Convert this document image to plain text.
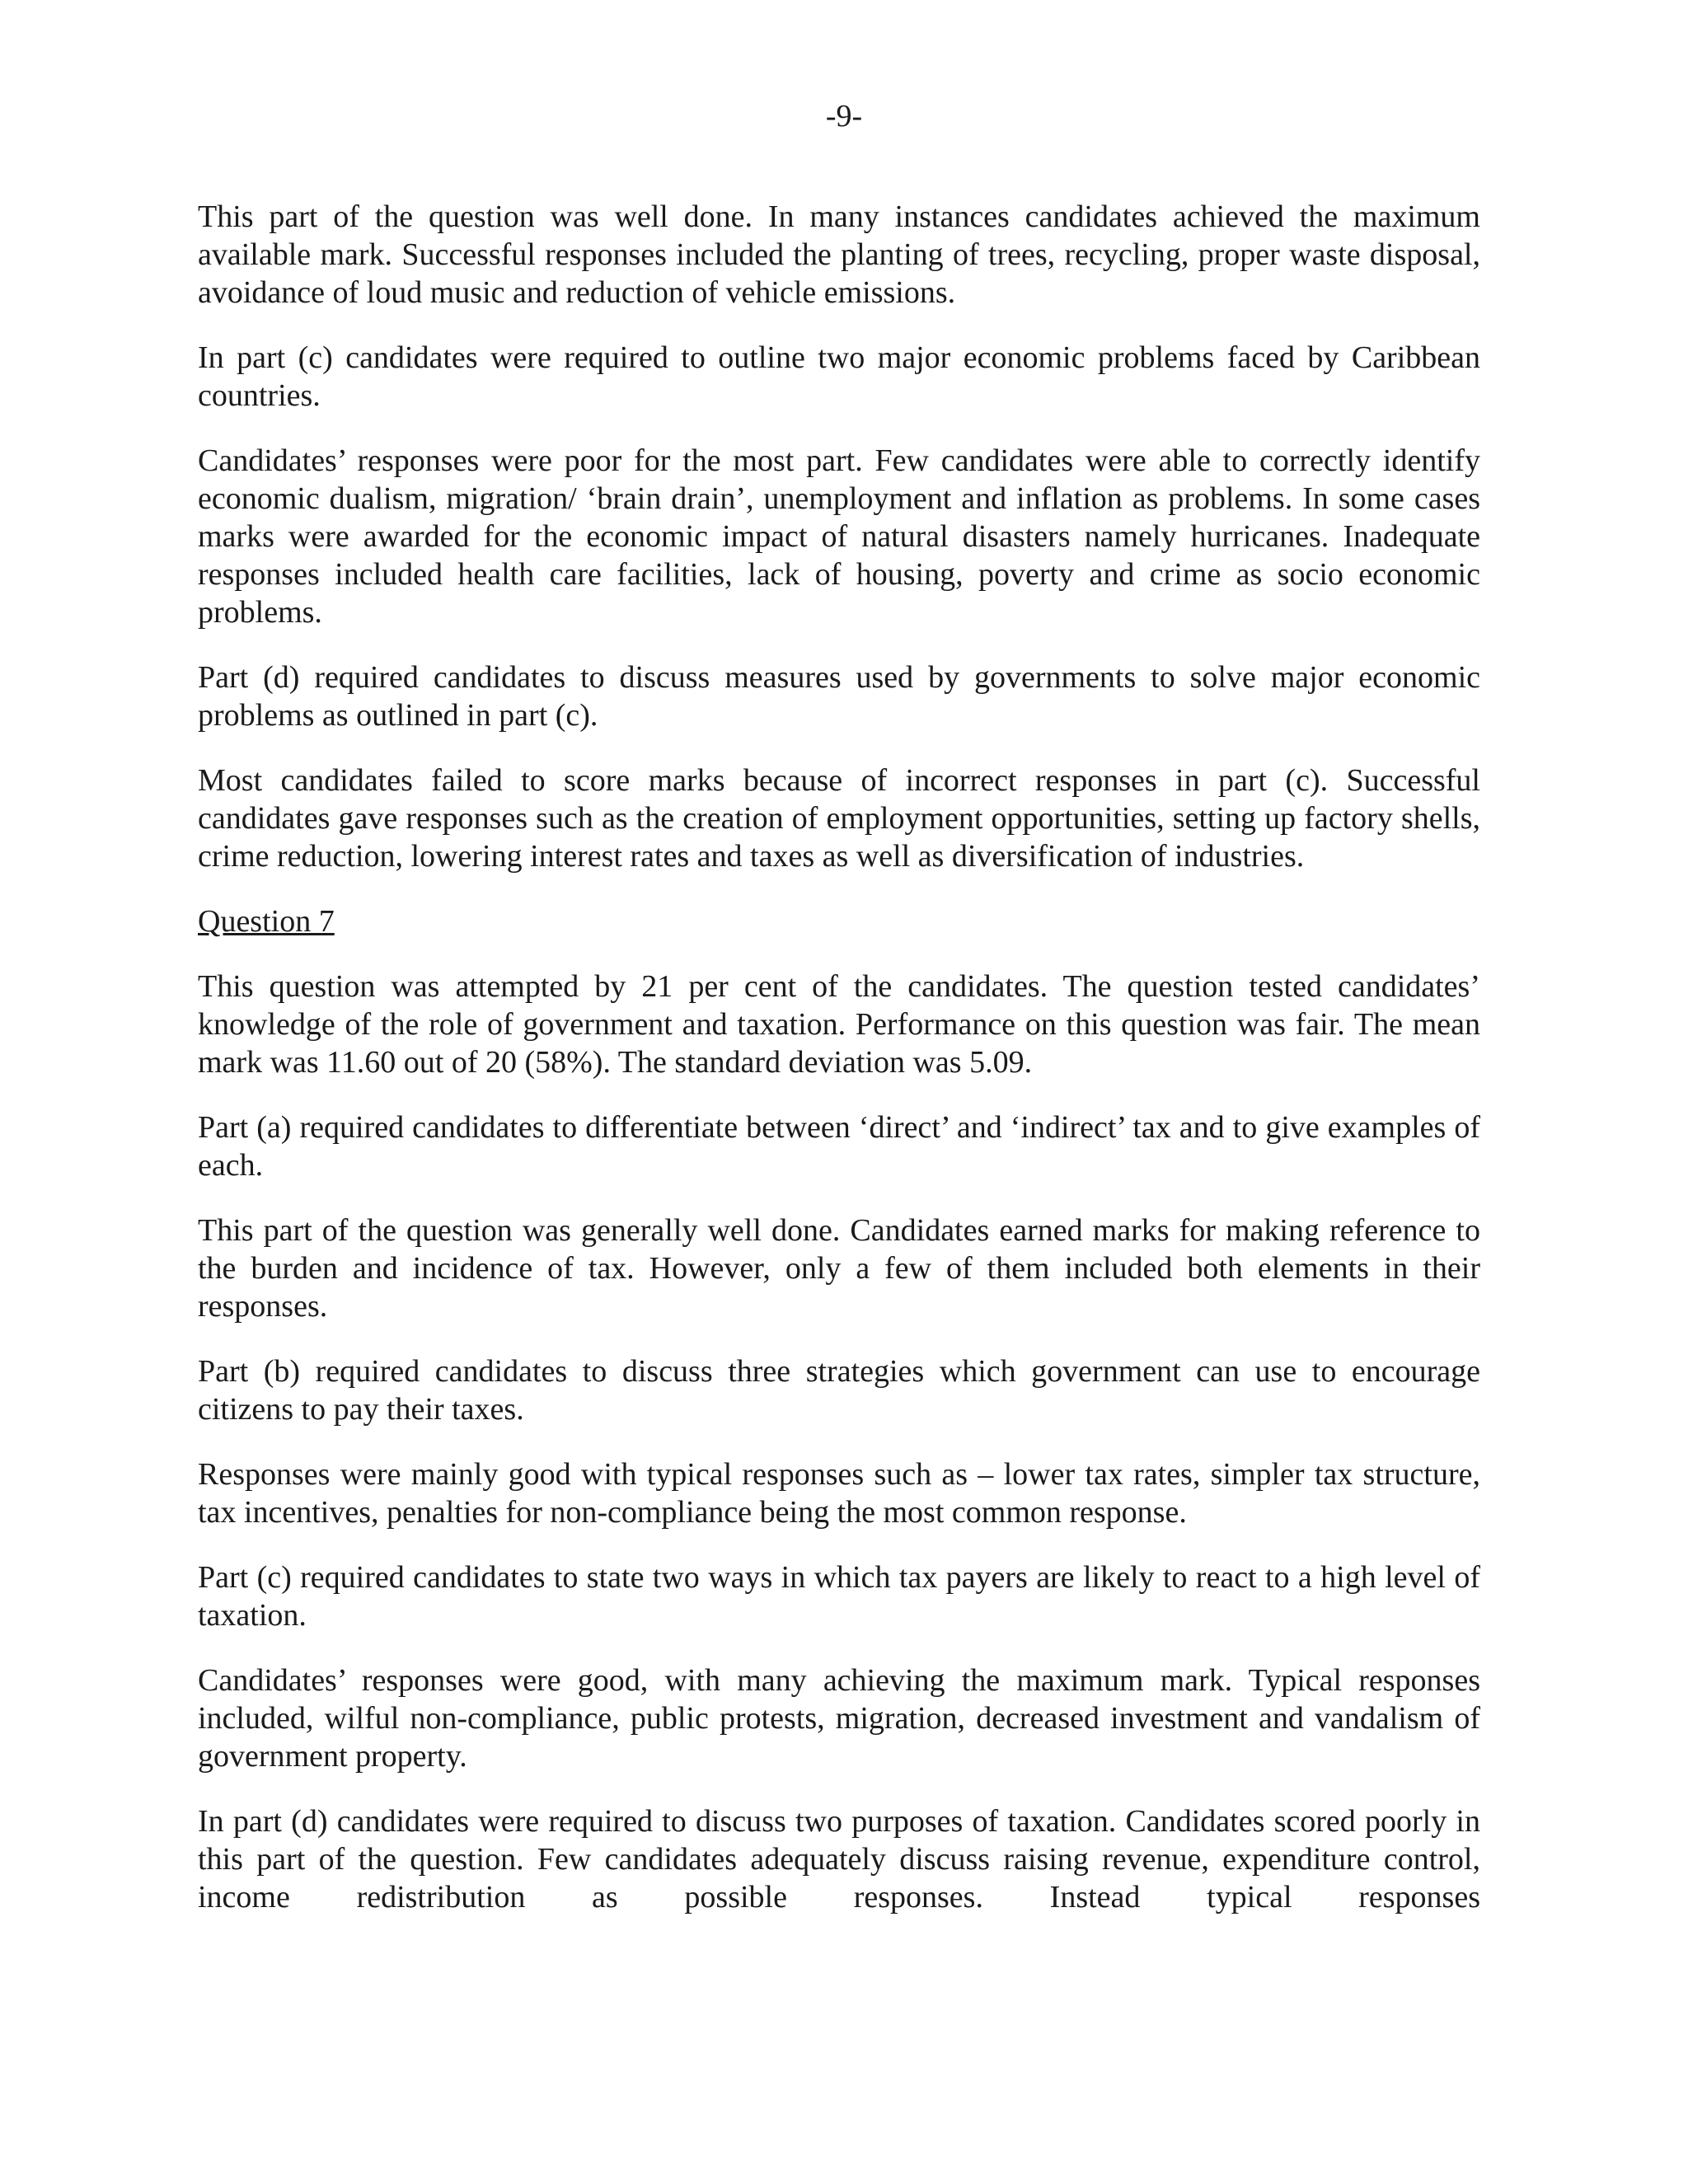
-9-

This part of the question was well done. In many instances candidates achieved the maximum available mark. Successful responses included the planting of trees, recycling, proper waste disposal, avoidance of loud music and reduction of vehicle emissions.

In part (c) candidates were required to outline two major economic problems faced by Caribbean countries.

Candidates’ responses were poor for the most part. Few candidates were able to correctly identify economic dualism, migration/ ‘brain drain’, unemployment and inflation as problems. In some cases marks were awarded for the economic impact of natural disasters namely hurricanes. Inadequate responses included health care facilities, lack of housing, poverty and crime as socio economic problems.

Part (d) required candidates to discuss measures used by governments to solve major economic problems as outlined in part (c).

Most candidates failed to score marks because of incorrect responses in part (c). Successful candidates gave responses such as the creation of employment opportunities, setting up factory shells, crime reduction, lowering interest rates and taxes as well as diversification of industries.

Question 7

This question was attempted by 21 per cent of the candidates. The question tested candidates’ knowledge of the role of government and taxation. Performance on this question was fair. The mean mark was 11.60 out of 20 (58%). The standard deviation was 5.09.

Part (a) required candidates to differentiate between ‘direct’ and ‘indirect’ tax and to give examples of each.

This part of the question was generally well done. Candidates earned marks for making reference to the burden and incidence of tax. However, only a few of them included both elements in their responses.

Part (b) required candidates to discuss three strategies which government can use to encourage citizens to pay their taxes.

Responses were mainly good with typical responses such as – lower tax rates, simpler tax structure, tax incentives, penalties for non-compliance being the most common response.

Part (c) required candidates to state two ways in which tax payers are likely to react to a high level of taxation.

Candidates’ responses were good, with many achieving the maximum mark. Typical responses included, wilful non-compliance, public protests, migration, decreased investment and vandalism of government property.

In part (d) candidates were required to discuss two purposes of taxation. Candidates scored poorly in this part of the question. Few candidates adequately discuss raising revenue, expenditure control, income redistribution as possible responses. Instead typical responses
